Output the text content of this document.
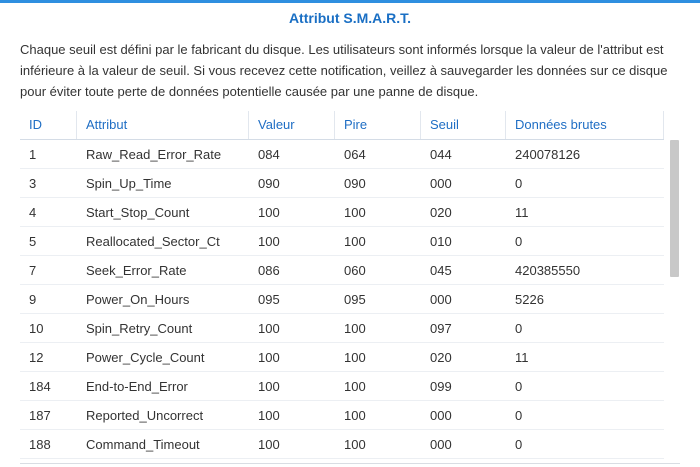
Attribut S.M.A.R.T.
Chaque seuil est défini par le fabricant du disque. Les utilisateurs sont informés lorsque la valeur de l'attribut est inférieure à la valeur de seuil. Si vous recevez cette notification, veillez à sauvegarder les données sur ce disque pour éviter toute perte de données potentielle causée par une panne de disque.
ID	Attribut	Valeur	Pire	Seuil	Données brutes
1	Raw_Read_Error_Rate	084	064	044	240078126
3	Spin_Up_Time	090	090	000	0
4	Start_Stop_Count	100	100	020	11
5	Reallocated_Sector_Ct	100	100	010	0
7	Seek_Error_Rate	086	060	045	420385550
9	Power_On_Hours	095	095	000	5226
10	Spin_Retry_Count	100	100	097	0
12	Power_Cycle_Count	100	100	020	11
184	End-to-End_Error	100	100	099	0
187	Reported_Uncorrect	100	100	000	0
188	Command_Timeout	100	100	000	0
